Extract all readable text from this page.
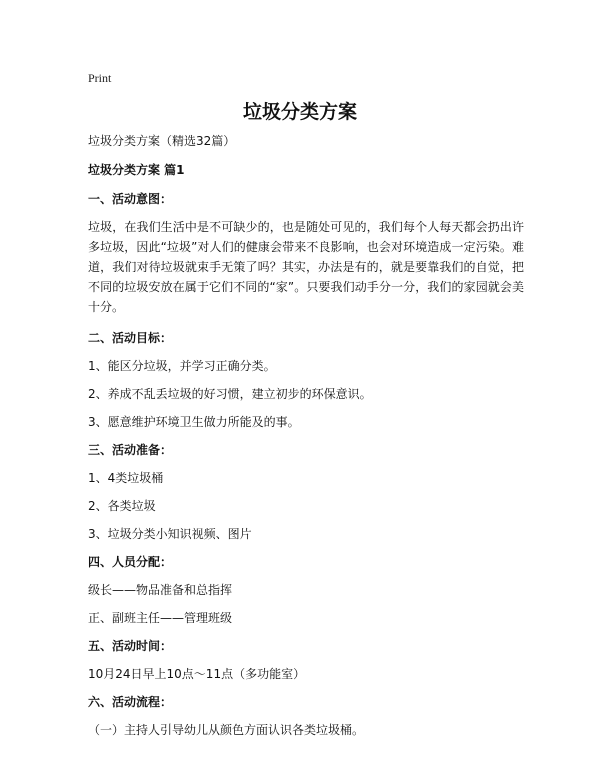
Print
垃圾分类方案

垃圾分类方案（精选32篇）

垃圾分类方案 篇1

一、活动意图：

垃圾，在我们生活中是不可缺少的，也是随处可见的，我们每个人每天都会扔出许多垃圾，因此“垃圾”对人们的健康会带来不良影响，也会对环境造成一定污染。难道，我们对待垃圾就束手无策了吗？其实，办法是有的，就是要靠我们的自觉，把不同的垃圾安放在属于它们不同的“家”。只要我们动手分一分，我们的家园就会美十分。

二、活动目标：

1、能区分垃圾，并学习正确分类。

2、养成不乱丢垃圾的好习惯，建立初步的环保意识。

3、愿意维护环境卫生做力所能及的事。

三、活动准备：

1、4类垃圾桶

2、各类垃圾

3、垃圾分类小知识视频、图片

四、人员分配：

级长——物品准备和总指挥

正、副班主任——管理班级

五、活动时间：

10月24日早上10点～11点（多功能室）

六、活动流程：

（一）主持人引导幼儿从颜色方面认识各类垃圾桶。
